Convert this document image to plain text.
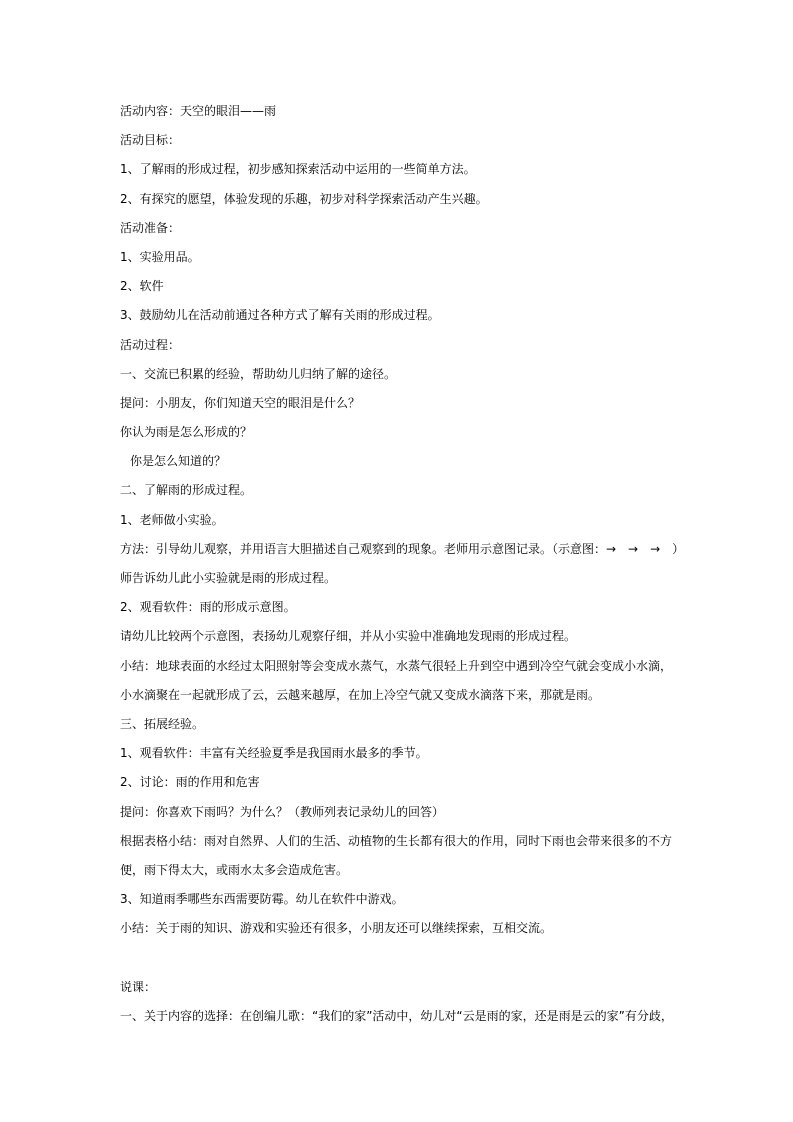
活动内容：天空的眼泪——雨
活动目标：
1、了解雨的形成过程，初步感知探索活动中运用的一些简单方法。
2、有探究的愿望，体验发现的乐趣，初步对科学探索活动产生兴趣。
活动准备：
1、实验用品。
2、软件
3、鼓励幼儿在活动前通过各种方式了解有关雨的形成过程。
活动过程：
一、交流已积累的经验，帮助幼儿归纳了解的途径。
提问：小朋友，你们知道天空的眼泪是什么？
你认为雨是怎么形成的？
你是怎么知道的？
二、了解雨的形成过程。
1、老师做小实验。
方法：引导幼儿观察，并用语言大胆描述自己观察到的现象。老师用示意图记录。（示意图：→　→　→　）
师告诉幼儿此小实验就是雨的形成过程。
2、观看软件：雨的形成示意图。
请幼儿比较两个示意图，表扬幼儿观察仔细，并从小实验中准确地发现雨的形成过程。
小结：地球表面的水经过太阳照射等会变成水蒸气，水蒸气很轻上升到空中遇到冷空气就会变成小水滴，
小水滴聚在一起就形成了云，云越来越厚，在加上冷空气就又变成水滴落下来，那就是雨。
三、拓展经验。
1、观看软件：丰富有关经验夏季是我国雨水最多的季节。
2、讨论：雨的作用和危害
提问：你喜欢下雨吗？为什么？（教师列表记录幼儿的回答）
根据表格小结：雨对自然界、人们的生活、动植物的生长都有很大的作用，同时下雨也会带来很多的不方
便，雨下得太大，或雨水太多会造成危害。
3、知道雨季哪些东西需要防霉。幼儿在软件中游戏。
小结：关于雨的知识、游戏和实验还有很多，小朋友还可以继续探索，互相交流。
说课：
一、关于内容的选择：在创编儿歌：“我们的家”活动中，幼儿对“云是雨的家，还是雨是云的家”有分歧，
